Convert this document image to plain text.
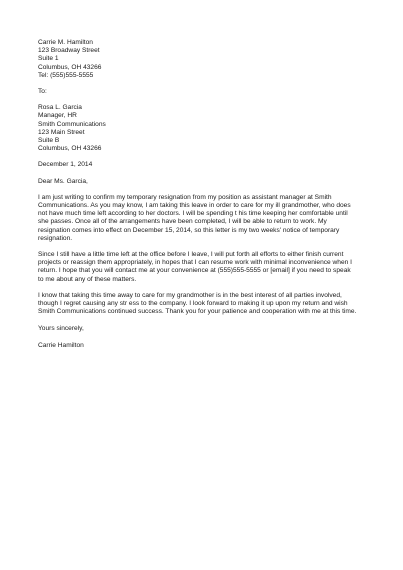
Carrie M. Hamilton
123 Broadway Street
Suite 1
Columbus, OH 43266
Tel: (555)555-5555
To:
Rosa L. Garcia
Manager, HR
Smith Communications
123 Main Street
Suite B
Columbus, OH 43266
December 1, 2014
Dear Ms. Garcia,
I am just writing to confirm my temporary resignation from my position as assistant manager at Smith
Communications. As you may know, I am taking this leave in order to care for my ill grandmother, who does
not have much time left according to her doctors. I will be spending t his time keeping her comfortable until
she passes. Once all of the arrangements have been completed, I will be able to return to work. My
resignation comes into effect on December 15, 2014, so this letter is my two weeks' notice of temporary
resignation.
Since I still have a little time left at the office before I leave, I will put forth all efforts to either finish current
projects or reassign them appropriately, in hopes that I can resume work with minimal inconvenience when I
return. I hope that you will contact me at your convenience at (555)555-5555 or [email] if you need to speak
to me about any of these matters.
I know that taking this time away to care for my grandmother is in the best interest of all parties involved,
though I regret causing any str ess to the company. I look forward to making it up upon my return and wish
Smith Communications continued success. Thank you for your patience and cooperation with me at this time.
Yours sincerely,
Carrie Hamilton
